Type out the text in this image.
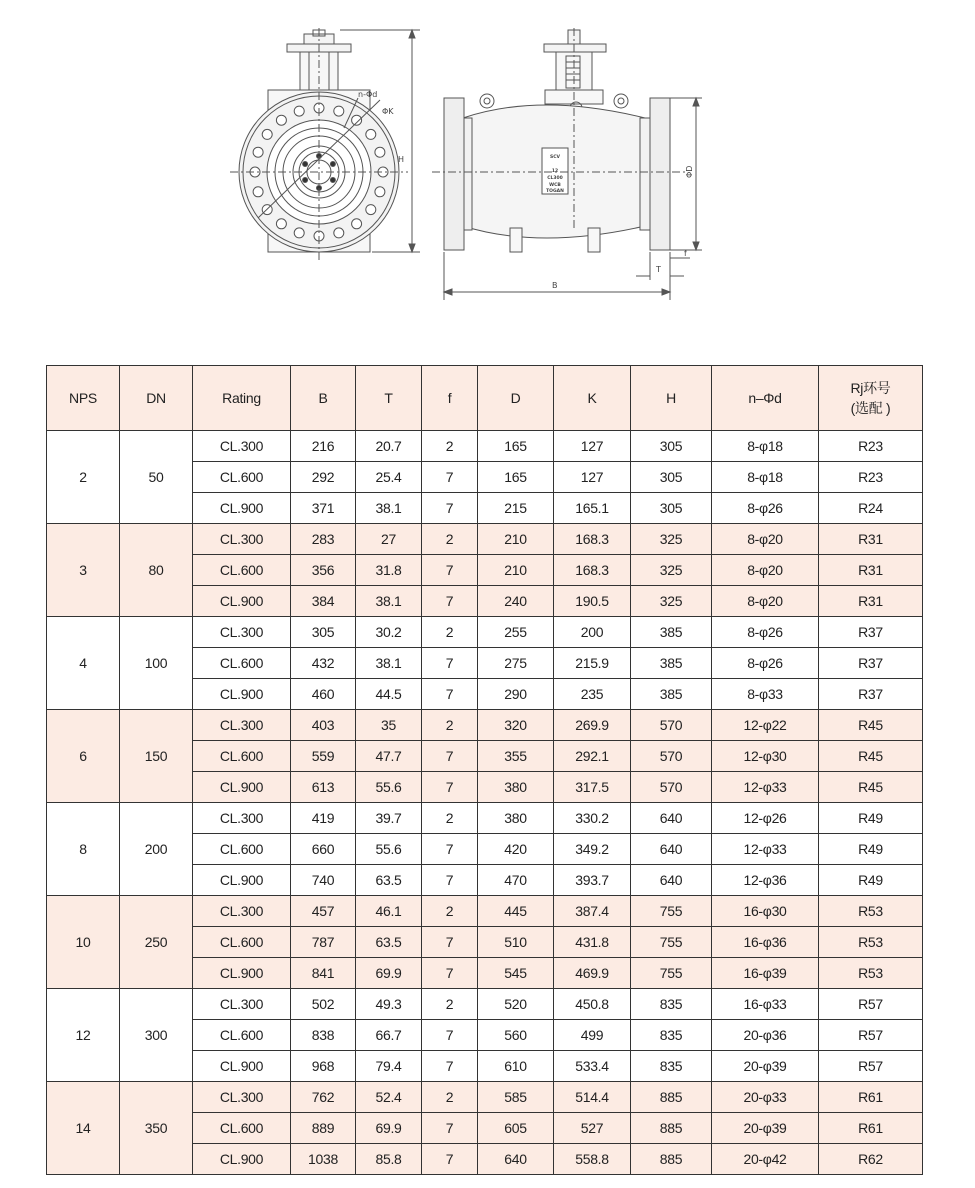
n-Φd
ΦK
H
ΦD
f
T
B
SCV
12
CL300
WCB
TOGAN
NPS	DN	Rating	B	T	f	D	K	H	n‒Φd	Rj环号
(选配 )

2	50	CL.300	216	20.7	2	165	127	305	8-φ18	R23
		CL.600	292	25.4	7	165	127	305	8-φ18	R23
		CL.900	371	38.1	7	215	165.1	305	8-φ26	R24
3	80	CL.300	283	27	2	210	168.3	325	8-φ20	R31
		CL.600	356	31.8	7	210	168.3	325	8-φ20	R31
		CL.900	384	38.1	7	240	190.5	325	8-φ20	R31
4	100	CL.300	305	30.2	2	255	200	385	8-φ26	R37
		CL.600	432	38.1	7	275	215.9	385	8-φ26	R37
		CL.900	460	44.5	7	290	235	385	8-φ33	R37
6	150	CL.300	403	35	2	320	269.9	570	12-φ22	R45
		CL.600	559	47.7	7	355	292.1	570	12-φ30	R45
		CL.900	613	55.6	7	380	317.5	570	12-φ33	R45
8	200	CL.300	419	39.7	2	380	330.2	640	12-φ26	R49
		CL.600	660	55.6	7	420	349.2	640	12-φ33	R49
		CL.900	740	63.5	7	470	393.7	640	12-φ36	R49
10	250	CL.300	457	46.1	2	445	387.4	755	16-φ30	R53
		CL.600	787	63.5	7	510	431.8	755	16-φ36	R53
		CL.900	841	69.9	7	545	469.9	755	16-φ39	R53
12	300	CL.300	502	49.3	2	520	450.8	835	16-φ33	R57
		CL.600	838	66.7	7	560	499	835	20-φ36	R57
		CL.900	968	79.4	7	610	533.4	835	20-φ39	R57
14	350	CL.300	762	52.4	2	585	514.4	885	20-φ33	R61
		CL.600	889	69.9	7	605	527	885	20-φ39	R61
		CL.900	1038	85.8	7	640	558.8	885	20-φ42	R62
